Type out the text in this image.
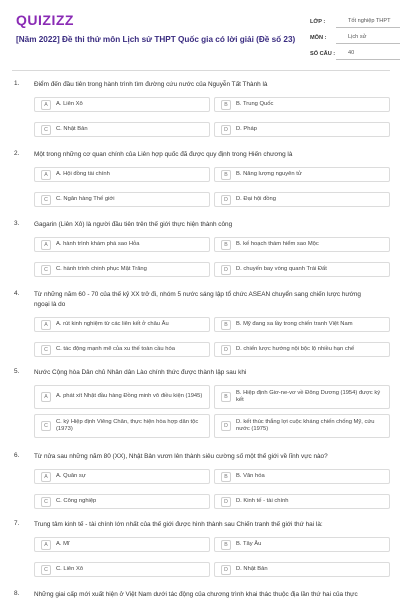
QUIZIZZ
[Năm 2022] Đề thi thử môn Lịch sử THPT Quốc gia có lời giải (Đề số 23)
LỚP :	Tốt nghiệp THPT
MÔN :	Lịch sử
SỐ CÂU :	40
1. Điểm đến đầu tiên trong hành trình tìm đường cứu nước của Nguyễn Tất Thành là
A	A. Liên Xô	B	B. Trung Quốc
C	C. Nhật Bản	D	D. Pháp
2. Một trong những cơ quan chính của Liên hợp quốc đã được quy định trong Hiến chương là
A	A. Hội đồng tài chính	B	B. Năng lượng nguyên tử
C	C. Ngân hàng Thế giới	D	D. Đại hội đồng
3. Gagarin (Liên Xô) là người đầu tiên trên thế giới thực hiện thành công
A	A. hành trình khám phá sao Hỏa	B	B. kế hoạch thám hiểm sao Mộc
C	C. hành trình chinh phục Mặt Trăng	D	D. chuyến bay vòng quanh Trái Đất
4. Từ những năm 60 - 70 của thế kỷ XX trở đi, nhóm 5 nước sáng lập tổ chức ASEAN chuyển sang chiến lược hướng ngoại là do
A	A. rút kinh nghiệm từ các liên kết ở châu Âu	B	B. Mỹ đang sa lầy trong chiến tranh Việt Nam
C	C. tác động mạnh mẽ của xu thế toàn cầu hóa	D	D. chiến lược hướng nội bộc lộ nhiều hạn chế
5. Nước Cộng hòa Dân chủ Nhân dân Lào chính thức được thành lập sau khi
A	A. phát xít Nhật đầu hàng Đồng minh vô điều kiện (1945)	B
B. Hiệp định Giơ-ne-vơ về Đông Dương (1954) được ký kết
C
C. ký Hiệp định Viêng Chăn, thực hiện hòa hợp dân tộc (1973)	D
D. kết thúc thắng lợi cuộc kháng chiến chống Mỹ, cứu nước (1975)
6. Từ nửa sau những năm 80 (XX), Nhật Bản vươn lên thành siêu cường số một thế giới về lĩnh vực nào?
A	A. Quân sự	B	B. Văn hóa
C	C. Công nghiệp	D	D. Kinh tế - tài chính
7. Trung tâm kinh tế - tài chính lớn nhất của thế giới được hình thành sau Chiến tranh thế giới thứ hai là:
A	A. Mĩ	B	B. Tây Âu
C	C. Liên Xô	D	D. Nhật Bản
8. Những giai cấp mới xuất hiện ở Việt Nam dưới tác động của chương trình khai thác thuộc địa lần thứ hai của thực
